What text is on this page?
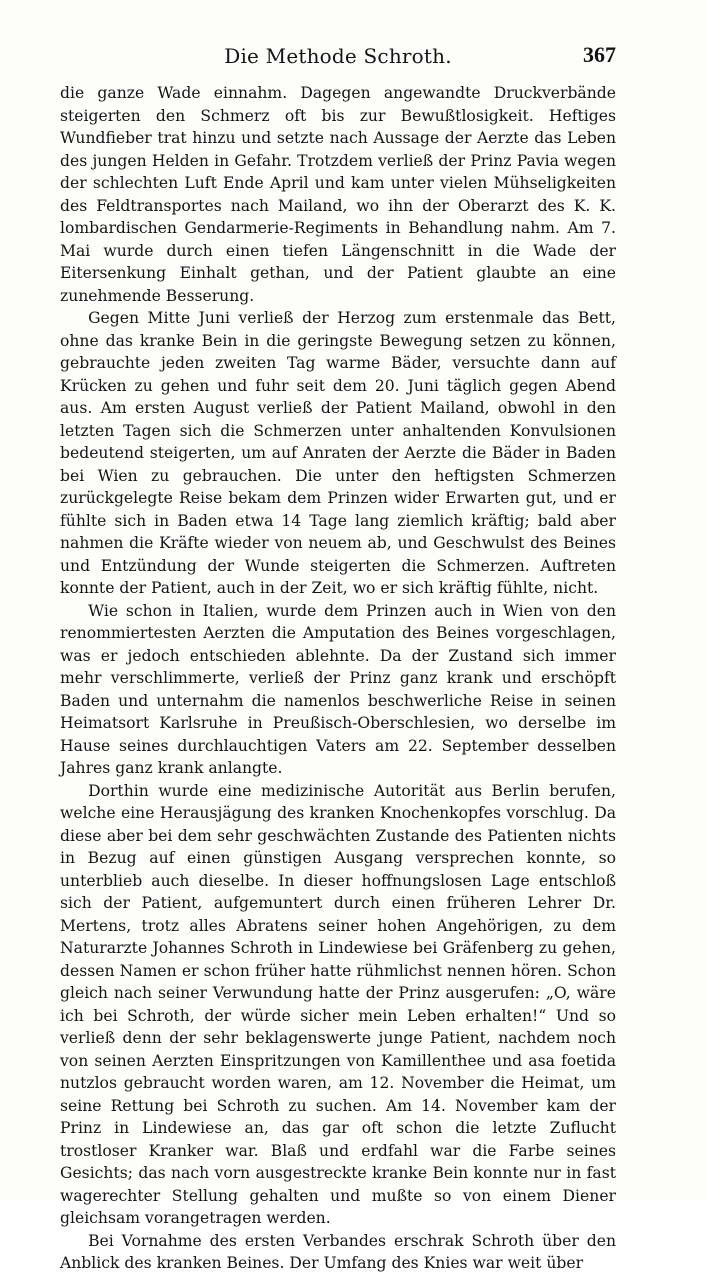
Die Methode Schroth.	367

die ganze Wade einnahm. Dagegen angewandte Druckverbände steigerten den Schmerz oft bis zur Bewußtlosigkeit. Heftiges Wundfieber trat hinzu und setzte nach Aussage der Aerzte das Leben des jungen Helden in Gefahr. Trotzdem verließ der Prinz Pavia wegen der schlechten Luft Ende April und kam unter vielen Mühseligkeiten des Feldtransportes nach Mailand, wo ihn der Oberarzt des K. K. lombardischen Gendarmerie-Regiments in Behandlung nahm. Am 7. Mai wurde durch einen tiefen Längenschnitt in die Wade der Eitersenkung Einhalt gethan, und der Patient glaubte an eine zunehmende Besserung.

Gegen Mitte Juni verließ der Herzog zum erstenmale das Bett, ohne das kranke Bein in die geringste Bewegung setzen zu können, gebrauchte jeden zweiten Tag warme Bäder, versuchte dann auf Krücken zu gehen und fuhr seit dem 20. Juni täglich gegen Abend aus. Am ersten August verließ der Patient Mailand, obwohl in den letzten Tagen sich die Schmerzen unter anhaltenden Konvulsionen bedeutend steigerten, um auf Anraten der Aerzte die Bäder in Baden bei Wien zu gebrauchen. Die unter den heftigsten Schmerzen zurückgelegte Reise bekam dem Prinzen wider Erwarten gut, und er fühlte sich in Baden etwa 14 Tage lang ziemlich kräftig; bald aber nahmen die Kräfte wieder von neuem ab, und Geschwulst des Beines und Entzündung der Wunde steigerten die Schmerzen. Auftreten konnte der Patient, auch in der Zeit, wo er sich kräftig fühlte, nicht.

Wie schon in Italien, wurde dem Prinzen auch in Wien von den renommiertesten Aerzten die Amputation des Beines vorgeschlagen, was er jedoch entschieden ablehnte. Da der Zustand sich immer mehr verschlimmerte, verließ der Prinz ganz krank und erschöpft Baden und unternahm die namenlos beschwerliche Reise in seinen Heimatsort Karlsruhe in Preußisch-Oberschlesien, wo derselbe im Hause seines durchlauchtigen Vaters am 22. September desselben Jahres ganz krank anlangte.

Dorthin wurde eine medizinische Autorität aus Berlin berufen, welche eine Herausjägung des kranken Knochenkopfes vorschlug. Da diese aber bei dem sehr geschwächten Zustande des Patienten nichts in Bezug auf einen günstigen Ausgang versprechen konnte, so unterblieb auch dieselbe. In dieser hoffnungslosen Lage entschloß sich der Patient, aufgemuntert durch einen früheren Lehrer Dr. Mertens, trotz alles Abratens seiner hohen Angehörigen, zu dem Naturarzte Johannes Schroth in Lindewiese bei Gräfenberg zu gehen, dessen Namen er schon früher hatte rühmlichst nennen hören. Schon gleich nach seiner Verwundung hatte der Prinz ausgerufen: „O, wäre ich bei Schroth, der würde sicher mein Leben erhalten!“ Und so verließ denn der sehr beklagenswerte junge Patient, nachdem noch von seinen Aerzten Einspritzungen von Kamillenthee und asa foetida nutzlos gebraucht worden waren, am 12. November die Heimat, um seine Rettung bei Schroth zu suchen. Am 14. November kam der Prinz in Lindewiese an, das gar oft schon die letzte Zuflucht trostloser Kranker war. Blaß und erdfahl war die Farbe seines Gesichts; das nach vorn ausgestreckte kranke Bein konnte nur in fast wagerechter Stellung gehalten und mußte so von einem Diener gleichsam vorangetragen werden.

Bei Vornahme des ersten Verbandes erschrak Schroth über den Anblick des kranken Beines. Der Umfang des Knies war weit über
